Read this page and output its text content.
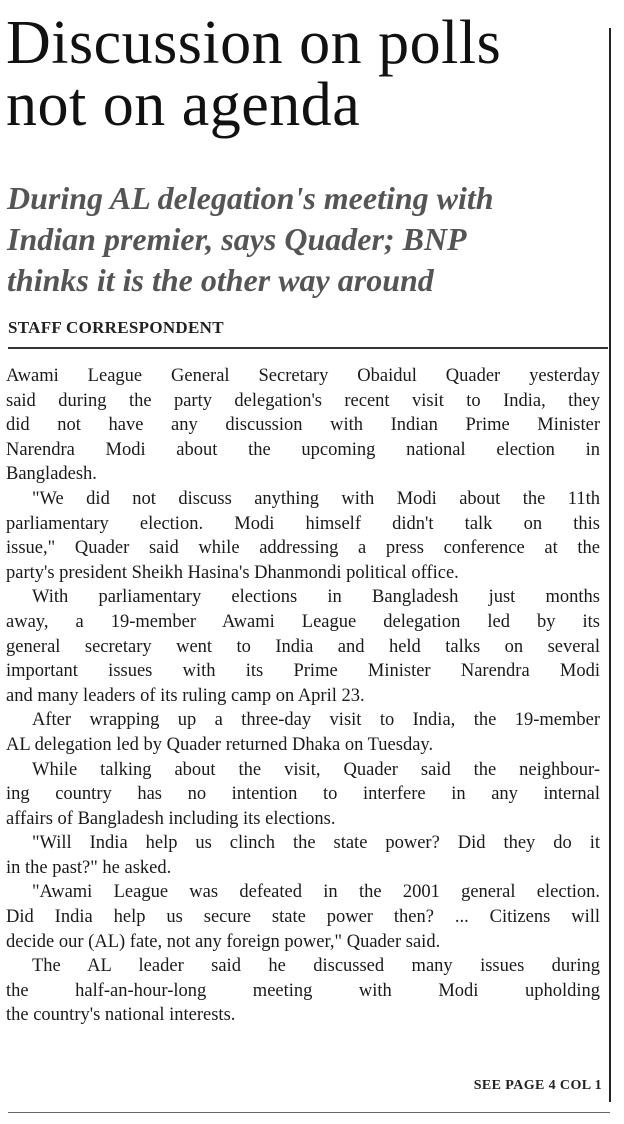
Discussion on polls
not on agenda
During AL delegation's meeting with
Indian premier, says Quader; BNP
thinks it is the other way around
STAFF CORRESPONDENT

Awami League General Secretary Obaidul Quader yesterday
said during the party delegation's recent visit to India, they
did not have any discussion with Indian Prime Minister
Narendra Modi about the upcoming national election in
Bangladesh.

"We did not discuss anything with Modi about the 11th
parliamentary election. Modi himself didn't talk on this
issue," Quader said while addressing a press conference at the
party's president Sheikh Hasina's Dhanmondi political office.

With parliamentary elections in Bangladesh just months
away, a 19-member Awami League delegation led by its
general secretary went to India and held talks on several
important issues with its Prime Minister Narendra Modi
and many leaders of its ruling camp on April 23.

After wrapping up a three-day visit to India, the 19-member
AL delegation led by Quader returned Dhaka on Tuesday.

While talking about the visit, Quader said the neighbour-
ing country has no intention to interfere in any internal
affairs of Bangladesh including its elections.

"Will India help us clinch the state power? Did they do it
in the past?" he asked.

"Awami League was defeated in the 2001 general election.
Did India help us secure state power then? ... Citizens will
decide our (AL) fate, not any foreign power," Quader said.

The AL leader said he discussed many issues during
the half-an-hour-long meeting with Modi upholding
the country's national interests.

SEE PAGE 4 COL 1
